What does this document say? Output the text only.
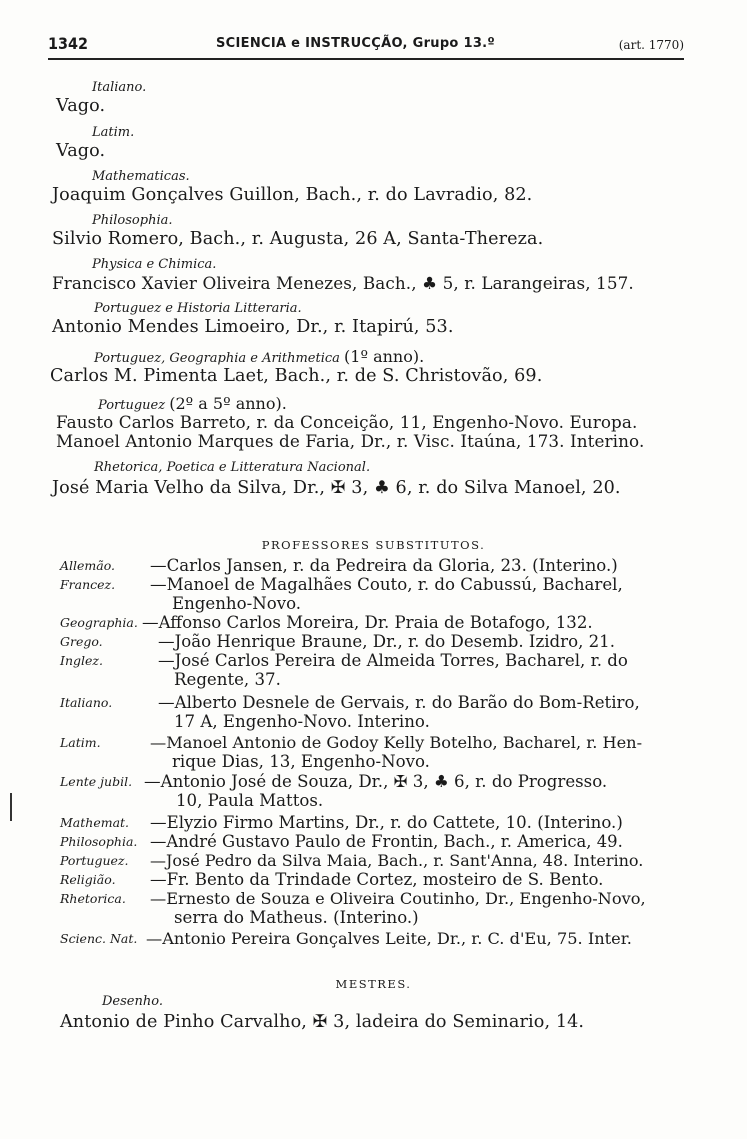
1342	SCIENCIA e INSTRUCÇÃO, Grupo 13.º	(art. 1770)
Italiano.
Vago.
Latim.
Vago.
Mathematicas.
Joaquim Gonçalves Guillon, Bach., r. do Lavradio, 82.
Philosophia.
Silvio Romero, Bach., r. Augusta, 26 A, Santa-Thereza.
Physica e Chimica.
Francisco Xavier Oliveira Menezes, Bach., ♣ 5, r. Larangeiras, 157.
Portuguez e Historia Litteraria.
Antonio Mendes Limoeiro, Dr., r. Itapirú, 53.
Portuguez, Geographia e Arithmetica (1º anno).
Carlos M. Pimenta Laet, Bach., r. de S. Christovão, 69.
Portuguez (2º a 5º anno).
Fausto Carlos Barreto, r. da Conceição, 11, Engenho-Novo. Europa.
Manoel Antonio Marques de Faria, Dr., r. Visc. Itaúna, 173. Interino.
Rhetorica, Poetica e Litteratura Nacional.
José Maria Velho da Silva, Dr., ✠ 3, ♣ 6, r. do Silva Manoel, 20.
PROFESSORES SUBSTITUTOS.
Allemão. —Carlos Jansen, r. da Pedreira da Gloria, 23. (Interino.)
Francez. —Manoel de Magalhães Couto, r. do Cabussú, Bacharel,
Engenho-Novo.
Geographia. —Affonso Carlos Moreira, Dr. Praia de Botafogo, 132.
Grego.	—João Henrique Braune, Dr., r. do Desemb. Izidro, 21.
Inglez.	—José Carlos Pereira de Almeida Torres, Bacharel, r. do
Regente, 37.
Italiano.	—Alberto Desnele de Gervais, r. do Barão do Bom-Retiro,
17 A, Engenho-Novo. Interino.
Latim.	—Manoel Antonio de Godoy Kelly Botelho, Bacharel, r. Hen-
rique Dias, 13, Engenho-Novo.
Lente jubil. —Antonio José de Souza, Dr., ✠ 3, ♣ 6, r. do Progresso.
10, Paula Mattos.
Mathemat. —Elyzio Firmo Martins, Dr., r. do Cattete, 10. (Interino.)
Philosophia. —André Gustavo Paulo de Frontin, Bach., r. America, 49.
Portuguez. —José Pedro da Silva Maia, Bach., r. Sant'Anna, 48. Interino.
Religião. —Fr. Bento da Trindade Cortez, mosteiro de S. Bento.
Rhetorica. —Ernesto de Souza e Oliveira Coutinho, Dr., Engenho-Novo,
serra do Matheus. (Interino.)
Scienc. Nat. —Antonio Pereira Gonçalves Leite, Dr., r. C. d'Eu, 75. Inter.
MESTRES.
Desenho.
Antonio de Pinho Carvalho, ✠ 3, ladeira do Seminario, 14.
